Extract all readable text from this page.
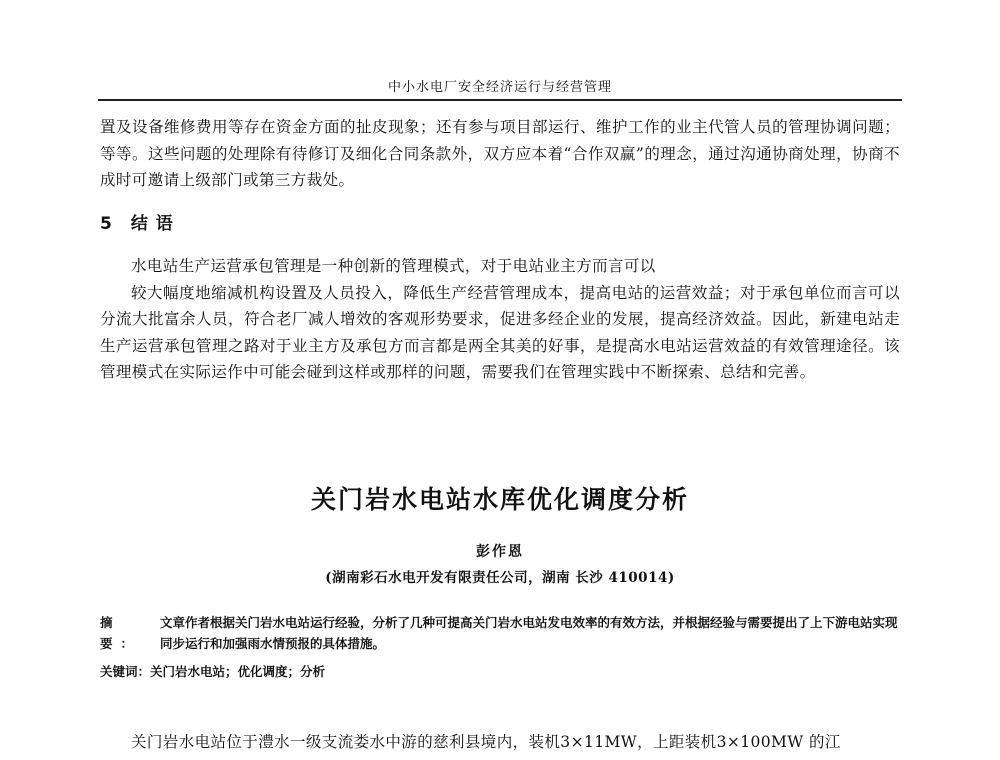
中小水电厂安全经济运行与经营管理

置及设备维修费用等存在资金方面的扯皮现象；还有参与项目部运行、维护工作的业主代管人员的管理协调问题；等等。这些问题的处理除有待修订及细化合同条款外，双方应本着“合作双赢”的理念，通过沟通协商处理，协商不成时可邀请上级部门或第三方裁处。

5 结 语

水电站生产运营承包管理是一种创新的管理模式，对于电站业主方而言可以

较大幅度地缩减机构设置及人员投入，降低生产经营管理成本，提高电站的运营效益；对于承包单位而言可以分流大批富余人员，符合老厂减人增效的客观形势要求，促进多经企业的发展，提高经济效益。因此，新建电站走生产运营承包管理之路对于业主方及承包方而言都是两全其美的好事，是提高水电站运营效益的有效管理途径。该管理模式在实际运作中可能会碰到这样或那样的问题，需要我们在管理实践中不断探索、总结和完善。

关门岩水电站水库优化调度分析
彭作恩
(湖南彩石水电开发有限责任公司，湖南 长沙 410014)
摘 要：
文章作者根据关门岩水电站运行经验，分析了几种可提高关门岩水电站发电效率的有效方法，并根据经验与需要提出了上下游电站实现同步运行和加强雨水情预报的具体措施。
关键词：关门岩水电站；优化调度；分析

关门岩水电站位于澧水一级支流娄水中游的慈利县境内，装机3×11MW，上距装机3×100MW 的江
